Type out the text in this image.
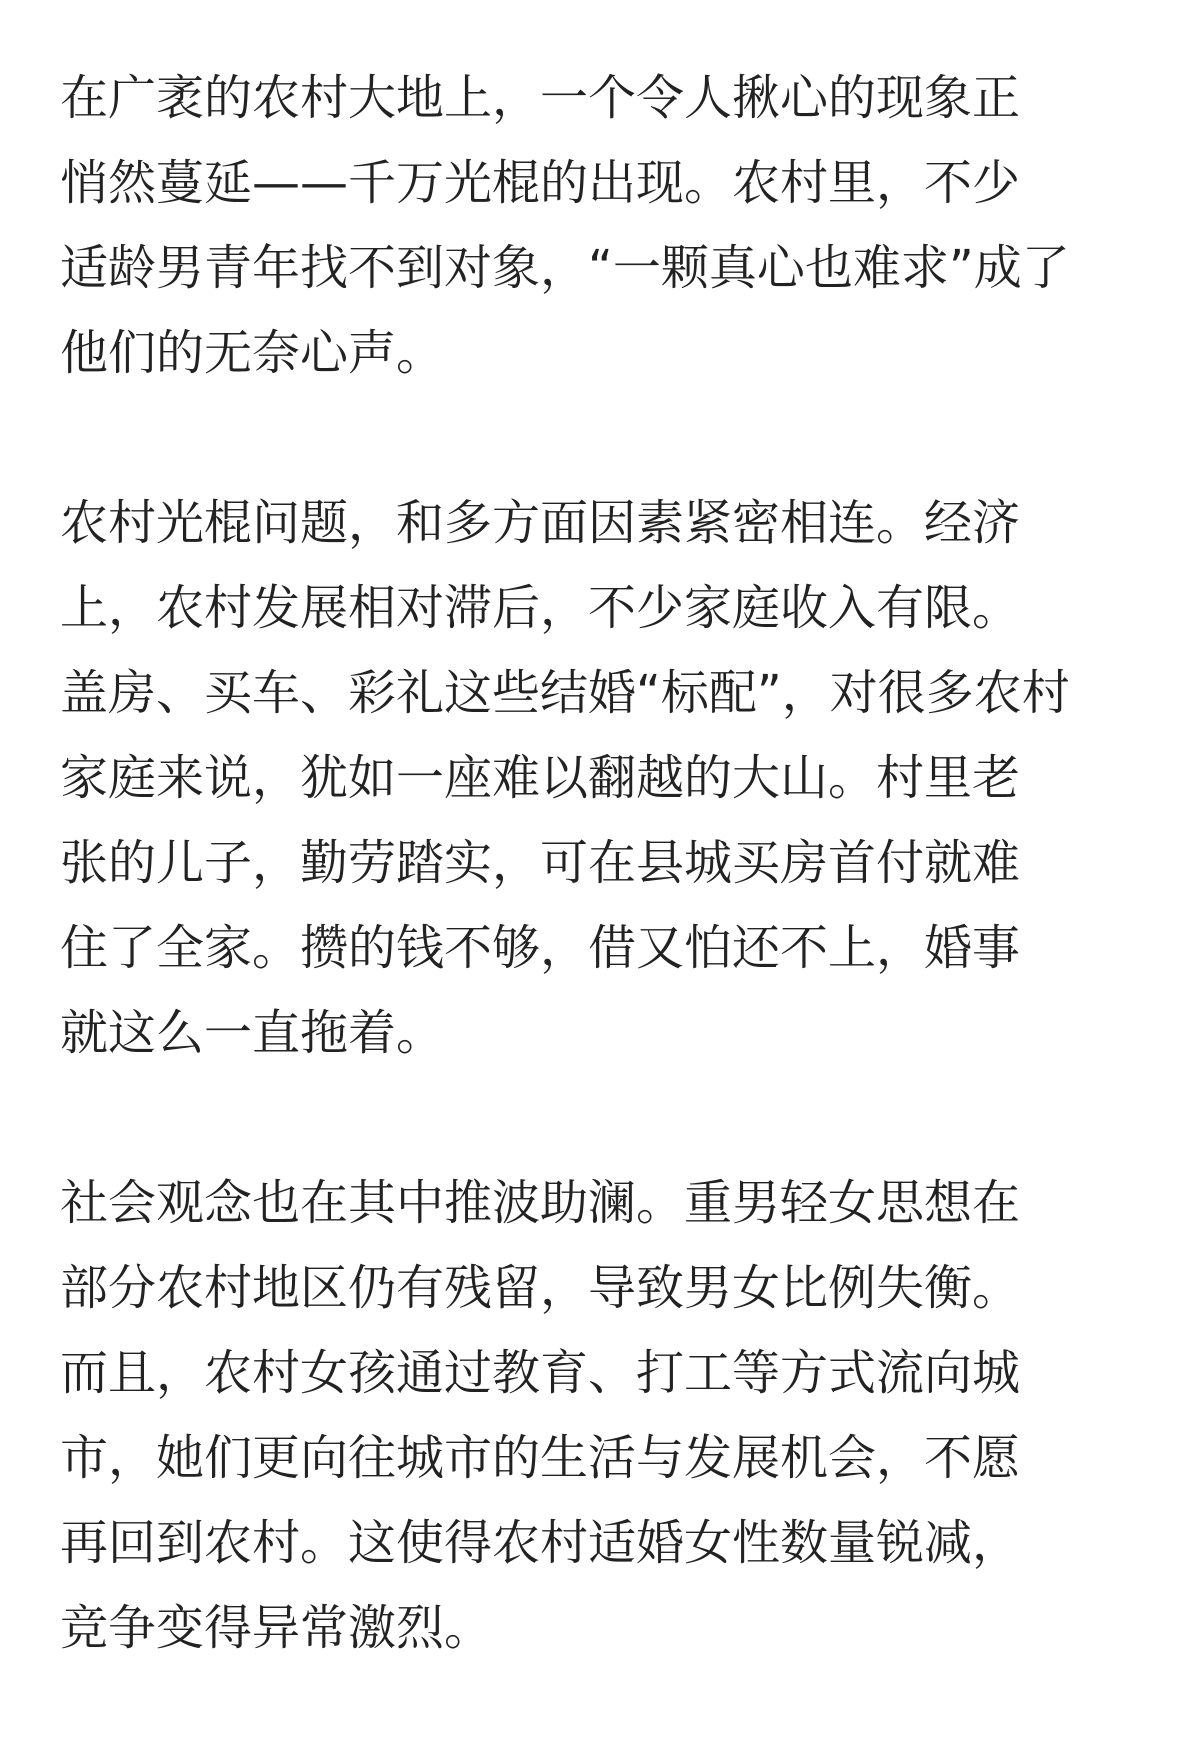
在广袤的农村大地上，一个令人揪心的现象正
悄然蔓延——千万光棍的出现。农村里，不少
适龄男青年找不到对象，“一颗真心也难求”成了
他们的无奈心声。
农村光棍问题，和多方面因素紧密相连。经济
上，农村发展相对滞后，不少家庭收入有限。
盖房、买车、彩礼这些结婚“标配”，对很多农村
家庭来说，犹如一座难以翻越的大山。村里老
张的儿子，勤劳踏实，可在县城买房首付就难
住了全家。攒的钱不够，借又怕还不上，婚事
就这么一直拖着。
社会观念也在其中推波助澜。重男轻女思想在
部分农村地区仍有残留，导致男女比例失衡。
而且，农村女孩通过教育、打工等方式流向城
市，她们更向往城市的生活与发展机会，不愿
再回到农村。这使得农村适婚女性数量锐减，
竞争变得异常激烈。
